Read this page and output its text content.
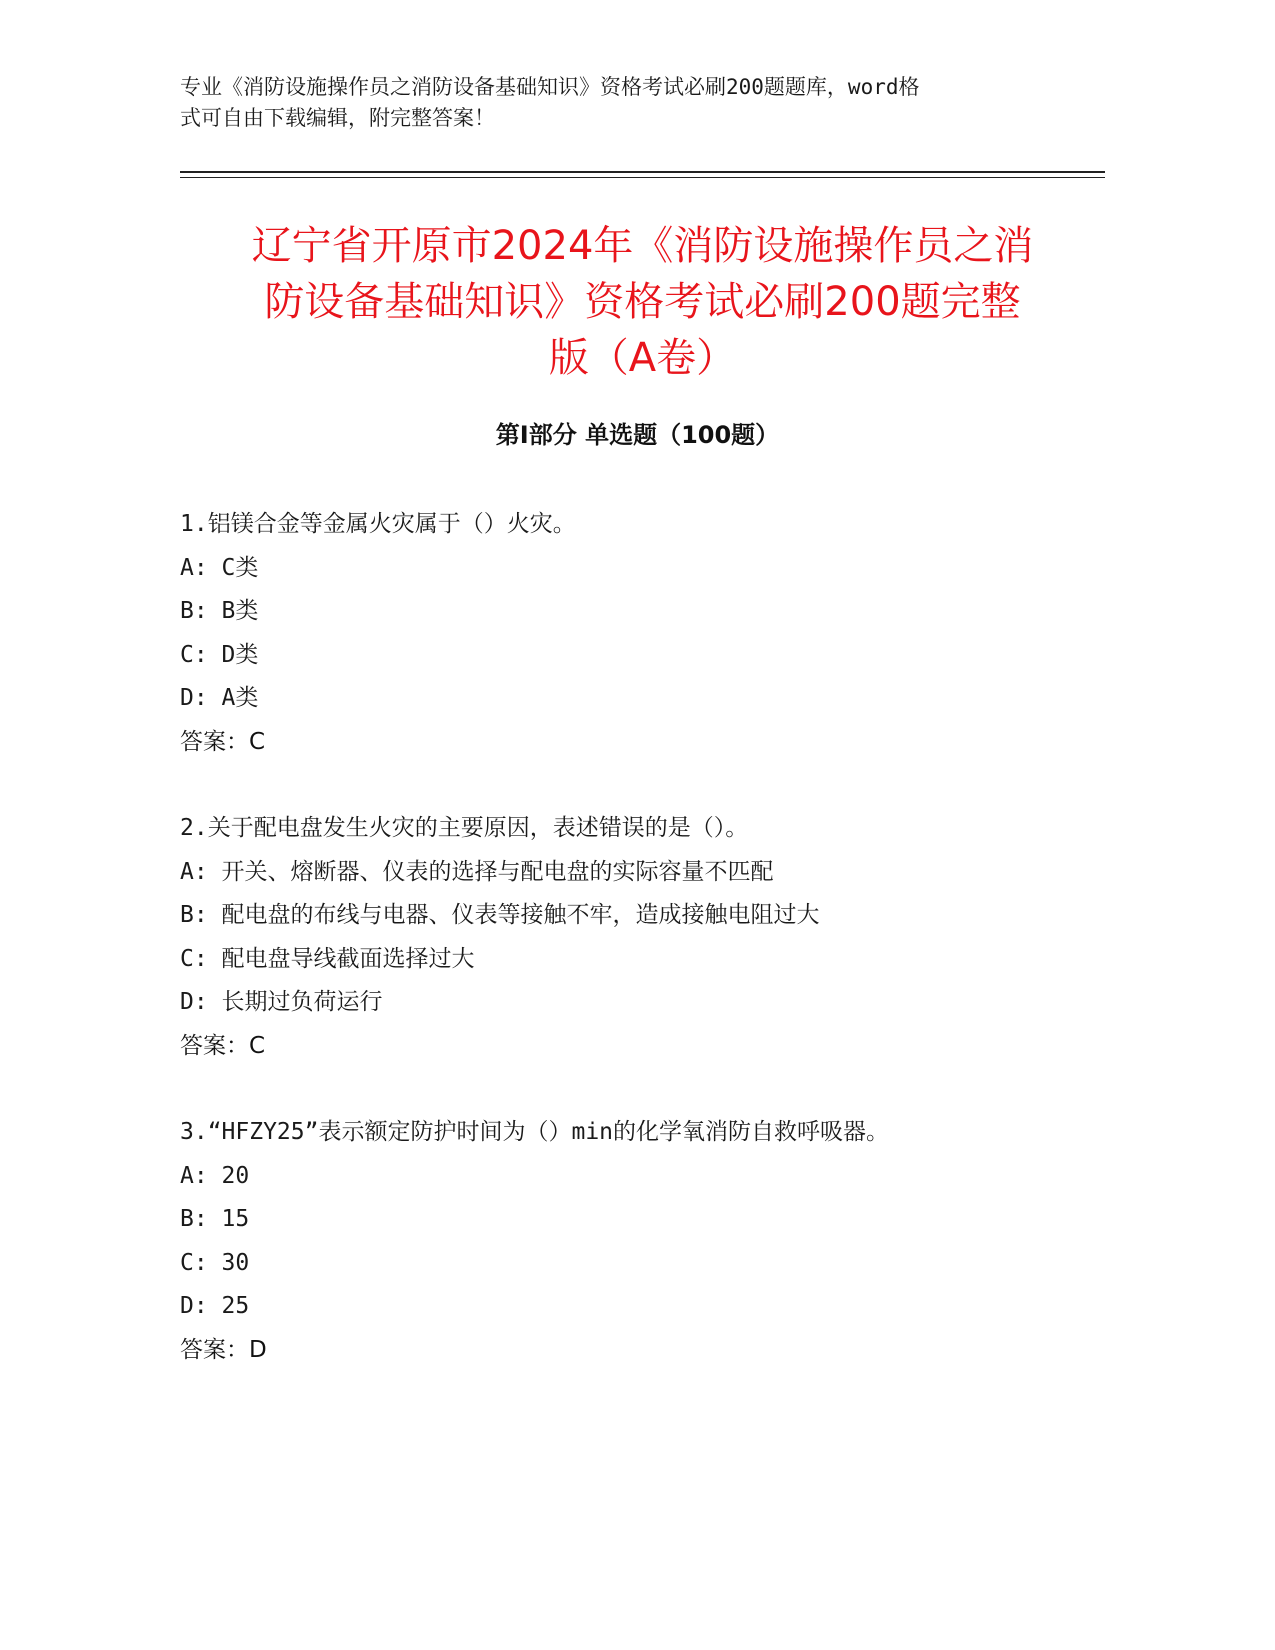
专业《消防设施操作员之消防设备基础知识》资格考试必刷200题题库，word格
式可自由下载编辑，附完整答案！
辽宁省开原市2024年《消防设施操作员之消
防设备基础知识》资格考试必刷200题完整
版（A卷）
第Ⅰ部分 单选题（100题）
1.铝镁合金等金属火灾属于（）火灾。
A: C类
B: B类
C: D类
D: A类
答案：C
2.关于配电盘发生火灾的主要原因，表述错误的是（）。
A: 开关、熔断器、仪表的选择与配电盘的实际容量不匹配
B: 配电盘的布线与电器、仪表等接触不牢，造成接触电阻过大
C: 配电盘导线截面选择过大
D: 长期过负荷运行
答案：C
3.“HFZY25”表示额定防护时间为（）min的化学氧消防自救呼吸器。
A: 20
B: 15
C: 30
D: 25
答案：D
